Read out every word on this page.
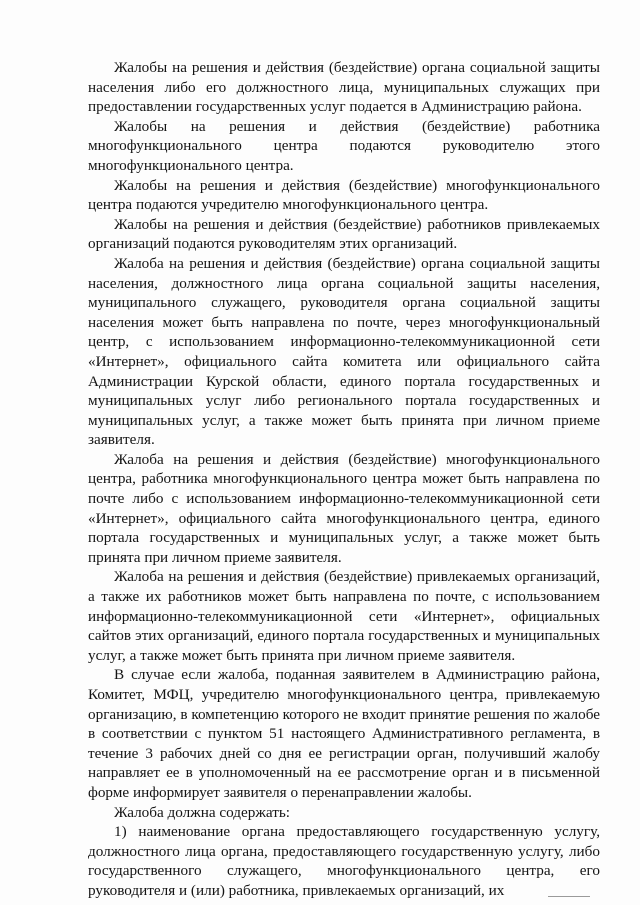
Жалобы на решения и действия (бездействие) органа социальной защиты населения либо его должностного лица, муниципальных служащих при предоставлении государственных услуг подается в Администрацию района.

Жалобы на решения и действия (бездействие) работника многофункционального центра подаются руководителю этого многофункционального центра.

Жалобы на решения и действия (бездействие) многофункционального центра подаются учредителю многофункционального центра.

Жалобы на решения и действия (бездействие) работников привлекаемых организаций подаются руководителям этих организаций.

Жалоба на решения и действия (бездействие) органа социальной защиты населения, должностного лица органа социальной защиты населения, муниципального служащего, руководителя органа социальной защиты населения может быть направлена по почте, через многофункциональный центр, с использованием информационно-телекоммуникационной сети «Интернет», официального сайта комитета или официального сайта Администрации Курской области, единого портала государственных и муниципальных услуг либо регионального портала государственных и муниципальных услуг, а также может быть принята при личном приеме заявителя.

Жалоба на решения и действия (бездействие) многофункционального центра, работника многофункционального центра может быть направлена по почте либо с использованием информационно-телекоммуникационной сети «Интернет», официального сайта многофункционального центра, единого портала государственных и муниципальных услуг, а также может быть принята при личном приеме заявителя.

Жалоба на решения и действия (бездействие) привлекаемых организаций, а также их работников может быть направлена по почте, с использованием информационно-телекоммуникационной сети «Интернет», официальных сайтов этих организаций, единого портала государственных и муниципальных услуг, а также может быть принята при личном приеме заявителя.

В случае если жалоба, поданная заявителем в Администрацию района, Комитет, МФЦ, учредителю многофункционального центра, привлекаемую организацию, в компетенцию которого не входит принятие решения по жалобе в соответствии с пунктом 51 настоящего Административного регламента, в течение 3 рабочих дней со дня ее регистрации орган, получивший жалобу направляет ее в уполномоченный на ее рассмотрение орган и в письменной форме информирует заявителя о перенаправлении жалобы.

Жалоба должна содержать:

1) наименование органа предоставляющего государственную услугу, должностного лица органа, предоставляющего государственную услугу, либо государственного служащего, многофункционального центра, его руководителя и (или) работника, привлекаемых организаций, их
